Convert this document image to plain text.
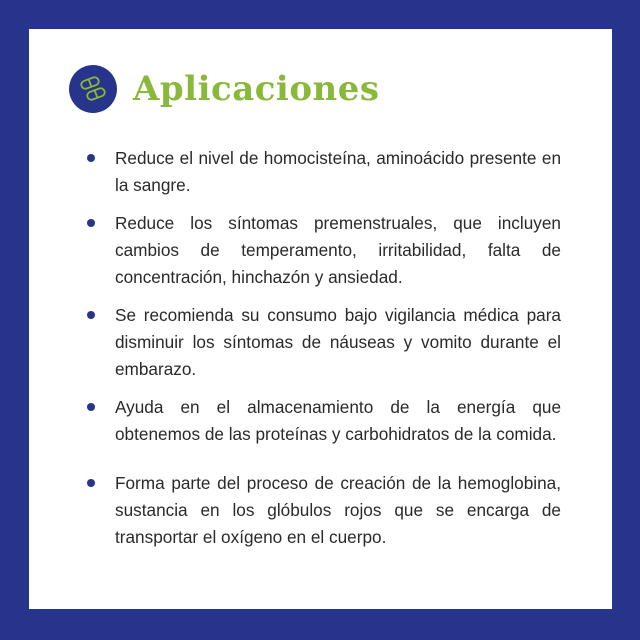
Aplicaciones
Reduce el nivel de homocisteína, aminoácido presente en la sangre.
Reduce los síntomas premenstruales, que incluyen cambios de temperamento, irritabilidad, falta de concentración, hinchazón y ansiedad.
Se recomienda su consumo bajo vigilancia médica para disminuir los síntomas de náuseas y vomito durante el embarazo.
Ayuda en el almacenamiento de la energía que obtenemos de las proteínas y carbohidratos de la comida.
Forma parte del proceso de creación de la hemoglobina, sustancia en los glóbulos rojos que se encarga de transportar el oxígeno en el cuerpo.
